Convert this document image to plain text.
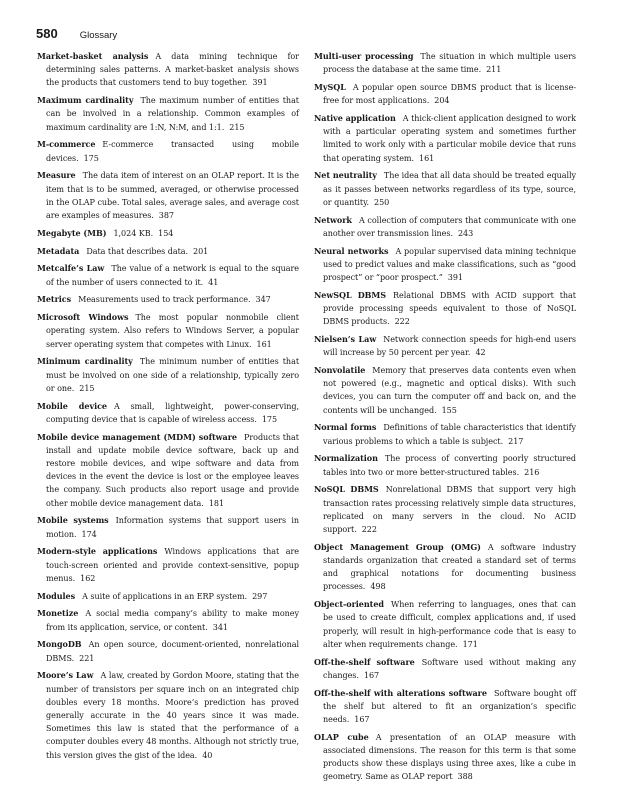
580 Glossary

Market-basket analysis A data mining technique for determining sales patterns. A market-basket analysis shows the products that customers tend to buy together. 391

Maximum cardinality The maximum number of entities that can be involved in a relationship. Common examples of maximum cardinality are 1:N, N:M, and 1:1. 215

M-commerce E-commerce transacted using mobile devices. 175

Measure The data item of interest on an OLAP report. It is the item that is to be summed, averaged, or otherwise processed in the OLAP cube. Total sales, average sales, and average cost are examples of measures. 387

Megabyte (MB) 1,024 KB. 154

Metadata Data that describes data. 201

Metcalfe’s Law The value of a network is equal to the square of the number of users connected to it. 41

Metrics Measurements used to track performance. 347

Microsoft Windows The most popular nonmobile client operating system. Also refers to Windows Server, a popular server operating system that competes with Linux. 161

Minimum cardinality The minimum number of entities that must be involved on one side of a relationship, typically zero or one. 215

Mobile device A small, lightweight, power-conserving, computing device that is capable of wireless access. 175

Mobile device management (MDM) software Products that install and update mobile device software, back up and restore mobile devices, and wipe software and data from devices in the event the device is lost or the employee leaves the company. Such products also report usage and provide other mobile device management data. 181

Mobile systems Information systems that support users in motion. 174

Modern-style applications Windows applications that are touch-screen oriented and provide context-sensitive, popup menus. 162

Modules A suite of applications in an ERP system. 297

Monetize A social media company’s ability to make money from its application, service, or content. 341

MongoDB An open source, document-oriented, nonrelational DBMS. 221

Moore’s Law A law, created by Gordon Moore, stating that the number of transistors per square inch on an integrated chip doubles every 18 months. Moore’s prediction has proved generally accurate in the 40 years since it was made. Sometimes this law is stated that the performance of a computer doubles every 48 months. Although not strictly true, this version gives the gist of the idea. 40

Multi-user processing The situation in which multiple users process the database at the same time. 211

MySQL A popular open source DBMS product that is license-free for most applications. 204

Native application A thick-client application designed to work with a particular operating system and sometimes further limited to work only with a particular mobile device that runs that operating system. 161

Net neutrality The idea that all data should be treated equally as it passes between networks regardless of its type, source, or quantity. 250

Network A collection of computers that communicate with one another over transmission lines. 243

Neural networks A popular supervised data mining technique used to predict values and make classifications, such as “good prospect” or “poor prospect.” 391

NewSQL DBMS Relational DBMS with ACID support that provide processing speeds equivalent to those of NoSQL DBMS products. 222

Nielsen’s Law Network connection speeds for high-end users will increase by 50 percent per year. 42

Nonvolatile Memory that preserves data contents even when not powered (e.g., magnetic and optical disks). With such devices, you can turn the computer off and back on, and the contents will be unchanged. 155

Normal forms Definitions of table characteristics that identify various problems to which a table is subject. 217

Normalization The process of converting poorly structured tables into two or more better-structured tables. 216

NoSQL DBMS Nonrelational DBMS that support very high transaction rates processing relatively simple data structures, replicated on many servers in the cloud. No ACID support. 222

Object Management Group (OMG) A software industry standards organization that created a standard set of terms and graphical notations for documenting business processes. 498

Object-oriented When referring to languages, ones that can be used to create difficult, complex applications and, if used properly, will result in high-performance code that is easy to alter when requirements change. 171

Off-the-shelf software Software used without making any changes. 167

Off-the-shelf with alterations software Software bought off the shelf but altered to fit an organization’s specific needs. 167

OLAP cube A presentation of an OLAP measure with associated dimensions. The reason for this term is that some products show these displays using three axes, like a cube in geometry. Same as OLAP report 388
